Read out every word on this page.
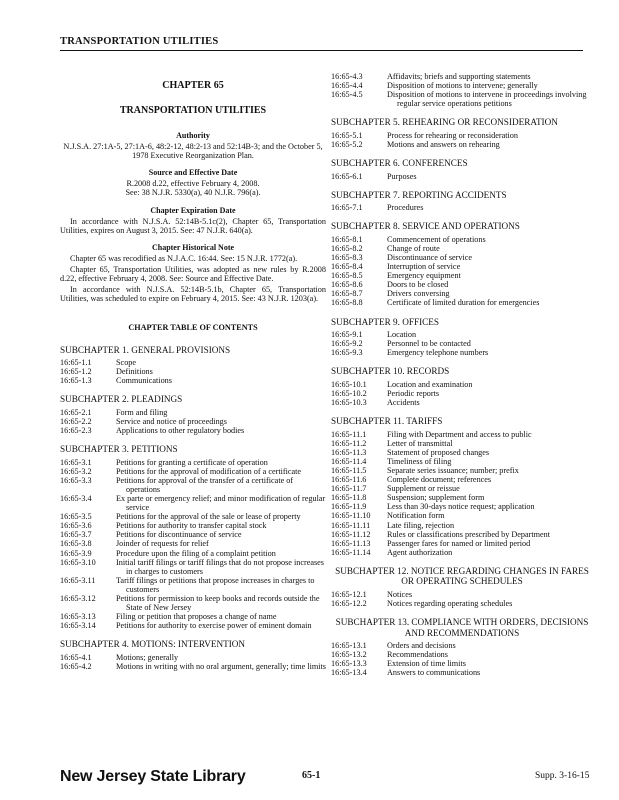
TRANSPORTATION UTILITIES
CHAPTER 65
TRANSPORTATION UTILITIES
Authority

N.J.S.A. 27:1A-5, 27:1A-6, 48:2-12, 48:2-13 and 52:14B-3; and the October 5, 1978 Executive Reorganization Plan.

Source and Effective Date
R.2008 d.22, effective February 4, 2008.
See: 38 N.J.R. 5330(a), 40 N.J.R. 796(a).
Chapter Expiration Date

In accordance with N.J.S.A. 52:14B-5.1c(2), Chapter 65, Transportation Utilities, expires on August 3, 2015. See: 47 N.J.R. 640(a).

Chapter Historical Note

Chapter 65 was recodified as N.J.A.C. 16:44. See: 15 N.J.R. 1772(a).

Chapter 65, Transportation Utilities, was adopted as new rules by R.2008 d.22, effective February 4, 2008. See: Source and Effective Date.

In accordance with N.J.S.A. 52:14B-5.1b, Chapter 65, Transportation Utilities, was scheduled to expire on February 4, 2015. See: 43 N.J.R. 1203(a).

CHAPTER TABLE OF CONTENTS
SUBCHAPTER 1. GENERAL PROVISIONS
16:65-1.1	Scope
16:65-1.2	Definitions
16:65-1.3	Communications
SUBCHAPTER 2. PLEADINGS
16:65-2.1	Form and filing
16:65-2.2	Service and notice of proceedings
16:65-2.3	Applications to other regulatory bodies
SUBCHAPTER 3. PETITIONS
16:65-3.1	Petitions for granting a certificate of operation
16:65-3.2	Petitions for the approval of modification of a certificate
16:65-3.3	Petitions for approval of the transfer of a certificate of operations
16:65-3.4	Ex parte or emergency relief; and minor modification of regular service
16:65-3.5	Petitions for the approval of the sale or lease of property
16:65-3.6	Petitions for authority to transfer capital stock
16:65-3.7	Petitions for discontinuance of service
16:65-3.8	Joinder of requests for relief
16:65-3.9	Procedure upon the filing of a complaint petition
16:65-3.10	Initial tariff filings or tariff filings that do not propose increases in charges to customers
16:65-3.11	Tariff filings or petitions that propose increases in charges to customers
16:65-3.12	Petitions for permission to keep books and records outside the State of New Jersey
16:65-3.13	Filing or petition that proposes a change of name
16:65-3.14	Petitions for authority to exercise power of eminent domain
SUBCHAPTER 4. MOTIONS: INTERVENTION
16:65-4.1	Motions; generally
16:65-4.2	Motions in writing with no oral argument, generally; time limits
16:65-4.3	Affidavits; briefs and supporting statements
16:65-4.4	Disposition of motions to intervene; generally
16:65-4.5	Disposition of motions to intervene in proceedings involving regular service operations petitions
SUBCHAPTER 5. REHEARING OR RECONSIDERATION
16:65-5.1	Process for rehearing or reconsideration
16:65-5.2	Motions and answers on rehearing
SUBCHAPTER 6. CONFERENCES
16:65-6.1	Purposes
SUBCHAPTER 7. REPORTING ACCIDENTS
16:65-7.1	Procedures
SUBCHAPTER 8. SERVICE AND OPERATIONS
16:65-8.1	Commencement of operations
16:65-8.2	Change of route
16:65-8.3	Discontinuance of service
16:65-8.4	Interruption of service
16:65-8.5	Emergency equipment
16:65-8.6	Doors to be closed
16:65-8.7	Drivers conversing
16:65-8.8	Certificate of limited duration for emergencies
SUBCHAPTER 9. OFFICES
16:65-9.1	Location
16:65-9.2	Personnel to be contacted
16:65-9.3	Emergency telephone numbers
SUBCHAPTER 10. RECORDS
16:65-10.1	Location and examination
16:65-10.2	Periodic reports
16:65-10.3	Accidents
SUBCHAPTER 11. TARIFFS
16:65-11.1	Filing with Department and access to public
16:65-11.2	Letter of transmittal
16:65-11.3	Statement of proposed changes
16:65-11.4	Timeliness of filing
16:65-11.5	Separate series issuance; number; prefix
16:65-11.6	Complete document; references
16:65-11.7	Supplement or reissue
16:65-11.8	Suspension; supplement form
16:65-11.9	Less than 30-days notice request; application
16:65-11.10	Notification form
16:65-11.11	Late filing, rejection
16:65-11.12	Rules or classifications prescribed by Department
16:65-11.13	Passenger fares for named or limited period
16:65-11.14	Agent authorization
SUBCHAPTER 12. NOTICE REGARDING CHANGES IN FARES OR OPERATING SCHEDULES
16:65-12.1	Notices
16:65-12.2	Notices regarding operating schedules
SUBCHAPTER 13. COMPLIANCE WITH ORDERS, DECISIONS AND RECOMMENDATIONS
16:65-13.1	Orders and decisions
16:65-13.2	Recommendations
16:65-13.3	Extension of time limits
16:65-13.4	Answers to communications
New Jersey State Library	65-1	Supp. 3-16-15
